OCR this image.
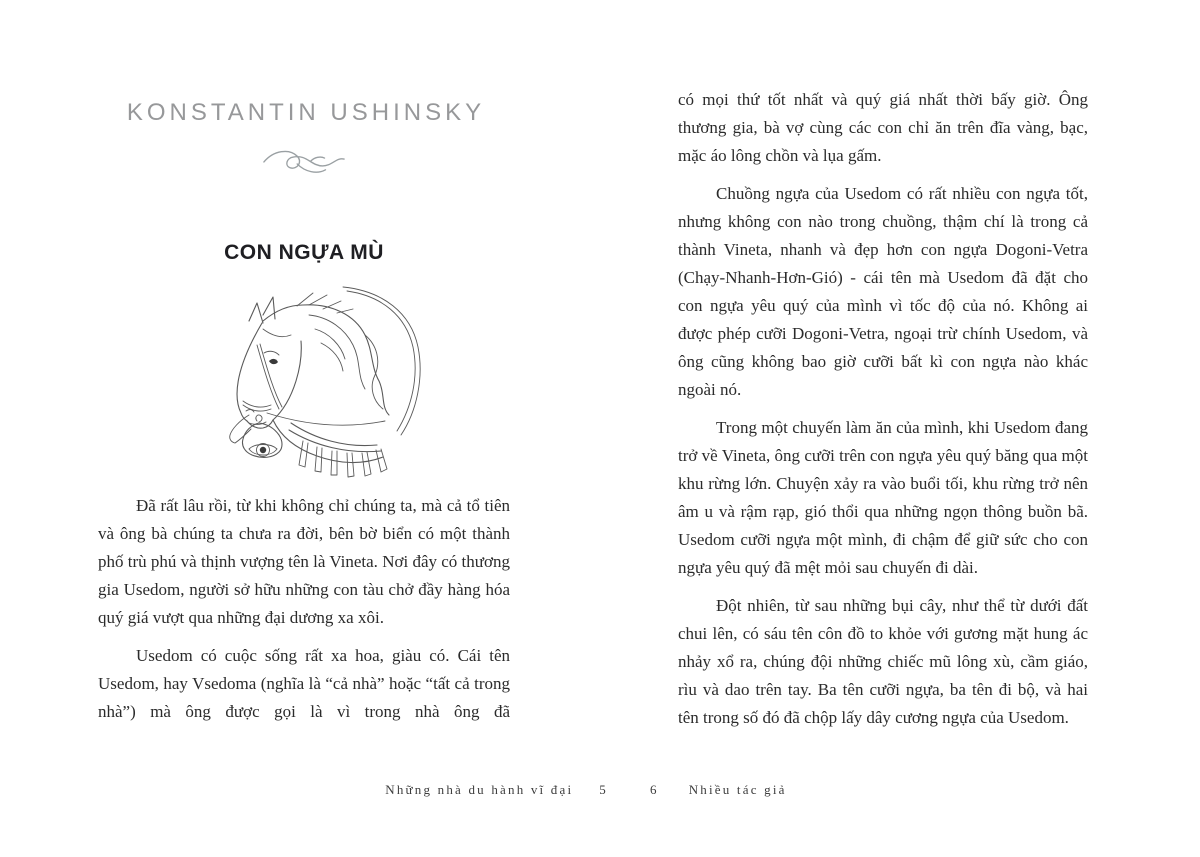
KONSTANTIN USHINSKY
CON NGỰA MÙ

Đã rất lâu rồi, từ khi không chỉ chúng ta, mà cả tổ tiên và ông bà chúng ta chưa ra đời, bên bờ biển có một thành phố trù phú và thịnh vượng tên là Vineta. Nơi đây có thương gia Usedom, người sở hữu những con tàu chở đầy hàng hóa quý giá vượt qua những đại dương xa xôi.

Usedom có cuộc sống rất xa hoa, giàu có. Cái tên Usedom, hay Vsedoma (nghĩa là “cả nhà” hoặc “tất cả trong nhà”) mà ông được gọi là vì trong nhà ông đã

Những nhà du hành vĩ đại 5

có mọi thứ tốt nhất và quý giá nhất thời bấy giờ. Ông thương gia, bà vợ cùng các con chỉ ăn trên đĩa vàng, bạc, mặc áo lông chồn và lụa gấm.

Chuồng ngựa của Usedom có rất nhiều con ngựa tốt, nhưng không con nào trong chuồng, thậm chí là trong cả thành Vineta, nhanh và đẹp hơn con ngựa Dogoni-Vetra (Chạy-Nhanh-Hơn-Gió) - cái tên mà Usedom đã đặt cho con ngựa yêu quý của mình vì tốc độ của nó. Không ai được phép cưỡi Dogoni-Vetra, ngoại trừ chính Usedom, và ông cũng không bao giờ cưỡi bất kì con ngựa nào khác ngoài nó.

Trong một chuyến làm ăn của mình, khi Usedom đang trở về Vineta, ông cưỡi trên con ngựa yêu quý băng qua một khu rừng lớn. Chuyện xảy ra vào buổi tối, khu rừng trở nên âm u và rậm rạp, gió thổi qua những ngọn thông buồn bã. Usedom cưỡi ngựa một mình, đi chậm để giữ sức cho con ngựa yêu quý đã mệt mỏi sau chuyến đi dài.

Đột nhiên, từ sau những bụi cây, như thể từ dưới đất chui lên, có sáu tên côn đồ to khỏe với gương mặt hung ác nhảy xổ ra, chúng đội những chiếc mũ lông xù, cầm giáo, rìu và dao trên tay. Ba tên cưỡi ngựa, ba tên đi bộ, và hai tên trong số đó đã chộp lấy dây cương ngựa của Usedom.

6 Nhiều tác giả
